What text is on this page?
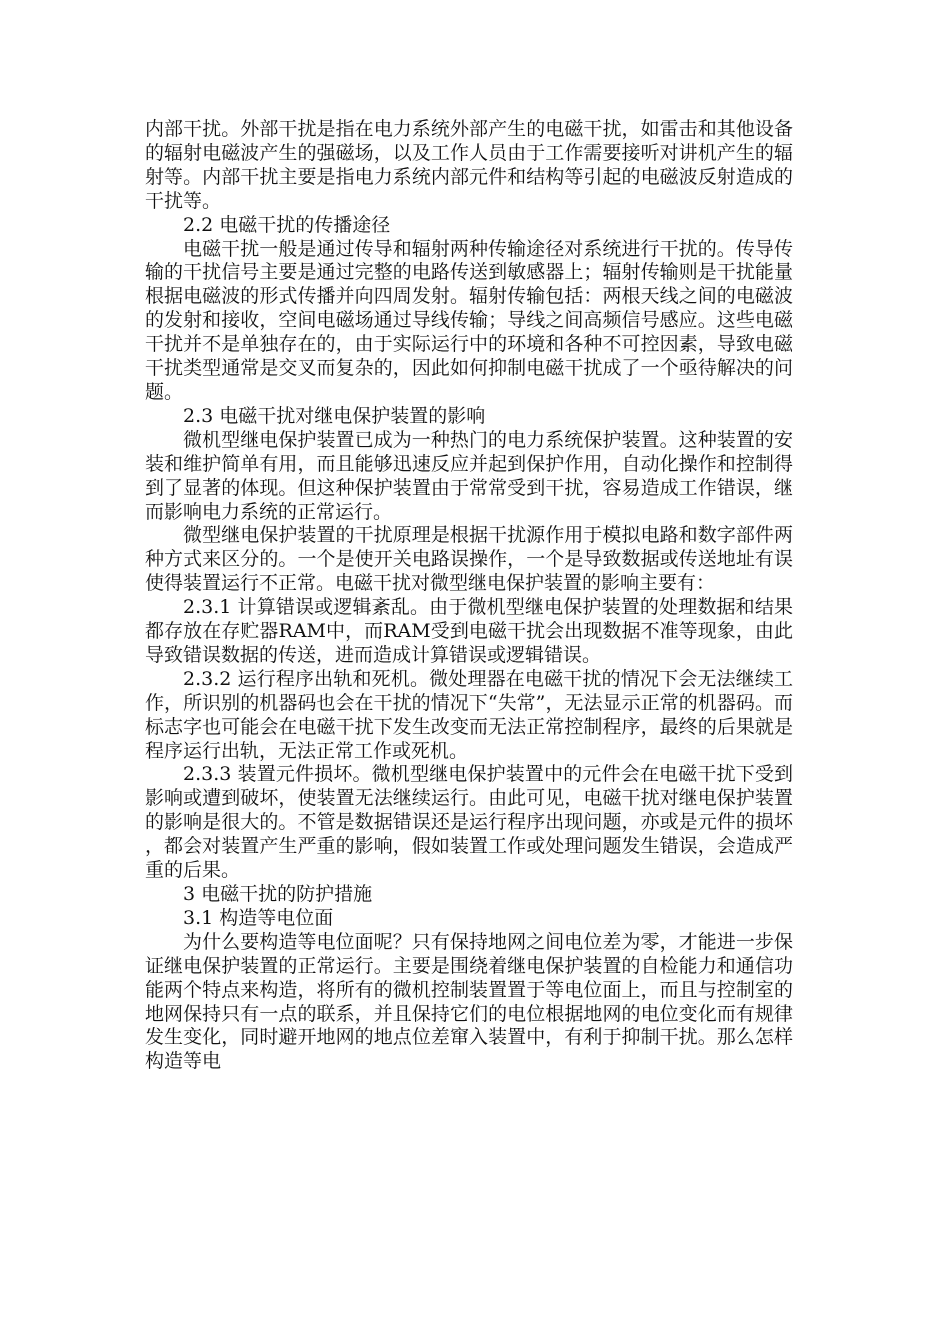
内部干扰。外部干扰是指在电力系统外部产生的电磁干扰，如雷击和其他设备的辐射电磁波产生的强磁场，以及工作人员由于工作需要接听对讲机产生的辐射等。内部干扰主要是指电力系统内部元件和结构等引起的电磁波反射造成的干扰等。

2.2 电磁干扰的传播途径

电磁干扰一般是通过传导和辐射两种传输途径对系统进行干扰的。传导传输的干扰信号主要是通过完整的电路传送到敏感器上；辐射传输则是干扰能量根据电磁波的形式传播并向四周发射。辐射传输包括：两根天线之间的电磁波的发射和接收，空间电磁场通过导线传输；导线之间高频信号感应。这些电磁干扰并不是单独存在的，由于实际运行中的环境和各种不可控因素，导致电磁干扰类型通常是交叉而复杂的，因此如何抑制电磁干扰成了一个亟待解决的问题。

2.3 电磁干扰对继电保护装置的影响

微机型继电保护装置已成为一种热门的电力系统保护装置。这种装置的安装和维护简单有用，而且能够迅速反应并起到保护作用，自动化操作和控制得到了显著的体现。但这种保护装置由于常常受到干扰，容易造成工作错误，继而影响电力系统的正常运行。

微型继电保护装置的干扰原理是根据干扰源作用于模拟电路和数字部件两种方式来区分的。一个是使开关电路误操作，一个是导致数据或传送地址有误使得装置运行不正常。电磁干扰对微型继电保护装置的影响主要有：

2.3.1 计算错误或逻辑紊乱。由于微机型继电保护装置的处理数据和结果都存放在存贮器RAM中，而RAM受到电磁干扰会出现数据不准等现象，由此导致错误数据的传送，进而造成计算错误或逻辑错误。

2.3.2 运行程序出轨和死机。微处理器在电磁干扰的情况下会无法继续工作，所识别的机器码也会在干扰的情况下“失常”，无法显示正常的机器码。而标志字也可能会在电磁干扰下发生改变而无法正常控制程序，最终的后果就是程序运行出轨，无法正常工作或死机。

2.3.3 装置元件损坏。微机型继电保护装置中的元件会在电磁干扰下受到影响或遭到破坏，使装置无法继续运行。由此可见，电磁干扰对继电保护装置的影响是很大的。不管是数据错误还是运行程序出现问题，亦或是元件的损坏，都会对装置产生严重的影响，假如装置工作或处理问题发生错误，会造成严重的后果。

3 电磁干扰的防护措施

3.1 构造等电位面

为什么要构造等电位面呢？只有保持地网之间电位差为零，才能进一步保证继电保护装置的正常运行。主要是围绕着继电保护装置的自检能力和通信功能两个特点来构造，将所有的微机控制装置置于等电位面上，而且与控制室的地网保持只有一点的联系，并且保持它们的电位根据地网的电位变化而有规律发生变化，同时避开地网的地点位差窜入装置中，有利于抑制干扰。那么怎样构造等电
